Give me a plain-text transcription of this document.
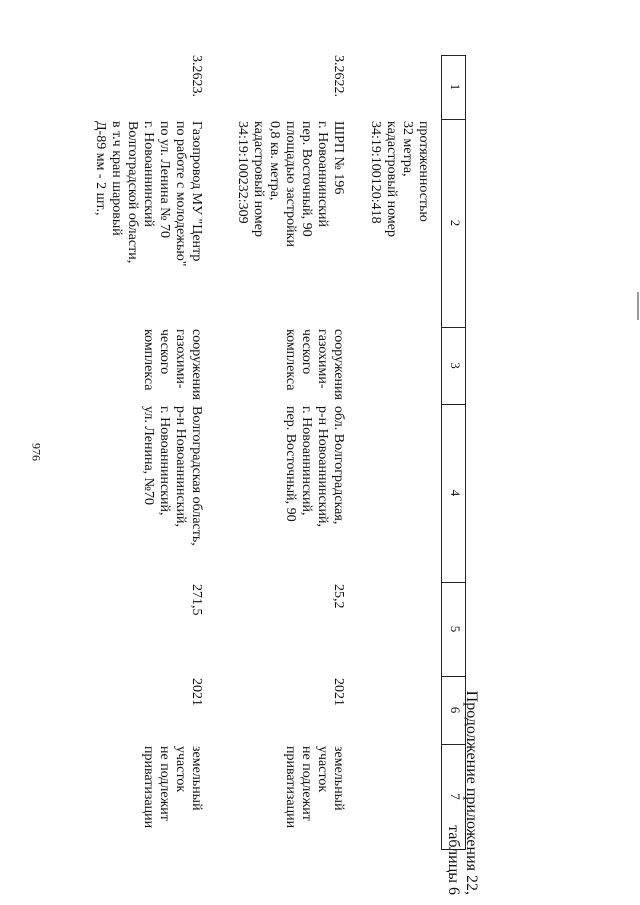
976
Продолжение приложения 22,
таблицы 6
1
2
3
4
5
6
7
протяженностью
32 метра,
кадастровый номер
34:19:100120:418
3.2622.
ШРП № 196
г. Новоаннинский
пер. Восточный, 90
площадью застройки
0,8 кв. метра,
кадастровый номер
34:19:100232:309
сооружения
газохими-
ческого
комплекса
обл. Волгоградская,
р-н Новоаннинский,
г. Новоаннинский,
пер. Восточный, 90
25,2
2021
земельный
участок
не подлежит
приватизации
3.2623.
Газопровод МУ "Центр
по работе с молодежью"
по ул. Ленина № 70
г. Новоаннинский
Волгоградской области,
в т.ч кран шаровый
Д-89 мм - 2 шт.,
сооружения
газохими-
ческого
комплекса
Волгоградская область,
р-н Новоаннинский,
г. Новоаннинский,
ул. Ленина, №70
271,5
2021
земельный
участок
не подлежит
приватизации
